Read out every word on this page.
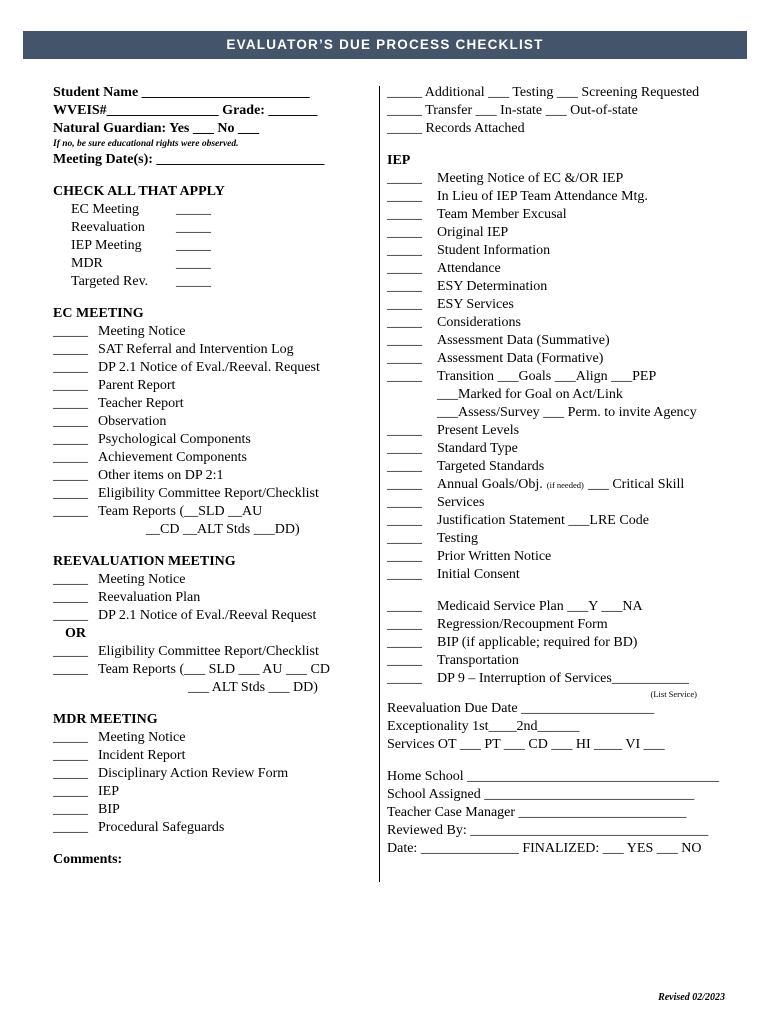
EVALUATOR’S DUE PROCESS CHECKLIST
Student Name ________________________
WVEIS#________________ Grade: _______
Natural Guardian: Yes ___ No ___
If no, be sure educational rights were observed.
Meeting Date(s): ________________________
CHECK ALL THAT APPLY
EC Meeting	_____
Reevaluation	_____
IEP Meeting	_____
MDR	_____
Targeted Rev.	_____
EC MEETING
_____ Meeting Notice
_____ SAT Referral and Intervention Log
_____ DP 2.1 Notice of Eval./Reeval. Request
_____ Parent Report
_____ Teacher Report
_____ Observation
_____ Psychological Components
_____ Achievement Components
_____ Other items on DP 2:1
_____ Eligibility Committee Report/Checklist
_____ Team Reports (__SLD __AU
__CD __ALT Stds ___DD)
REEVALUATION MEETING
_____ Meeting Notice
_____ Reevaluation Plan
_____ DP 2.1 Notice of Eval./Reeval Request
OR
_____ Eligibility Committee Report/Checklist
_____ Team Reports (___ SLD ___ AU ___ CD
___ ALT Stds ___ DD)
MDR MEETING
_____ Meeting Notice
_____ Incident Report
_____ Disciplinary Action Review Form
_____ IEP
_____ BIP
_____ Procedural Safeguards
Comments:
_____ Additional ___ Testing ___ Screening Requested
_____ Transfer ___ In-state ___ Out-of-state
_____ Records Attached
IEP
_____	Meeting Notice of EC &/OR IEP
_____	In Lieu of IEP Team Attendance Mtg.
_____	Team Member Excusal
_____	Original IEP
_____	Student Information
_____	Attendance
_____	ESY Determination
_____	ESY Services
_____	Considerations
_____	Assessment Data (Summative)
_____	Assessment Data (Formative)
_____	Transition ___Goals ___Align ___PEP
___Marked for Goal on Act/Link
___Assess/Survey ___ Perm. to invite Agency
_____	Present Levels
_____	Standard Type
_____	Targeted Standards
_____	Annual Goals/Obj. (if needed) ___ Critical Skill
_____	Services
_____	Justification Statement ___LRE Code
_____	Testing
_____	Prior Written Notice
_____	Initial Consent
_____	Medicaid Service Plan ___Y ___NA
_____	Regression/Recoupment Form
_____	BIP (if applicable; required for BD)
_____	Transportation
_____	DP 9 – Interruption of Services___________
(List Service)
Reevaluation Due Date ___________________
Exceptionality 1st____2nd______
Services OT ___ PT ___ CD ___ HI ____ VI ___
Home School ____________________________________
School Assigned ______________________________
Teacher Case Manager ________________________
Reviewed By: __________________________________
Date: ______________ FINALIZED: ___ YES ___ NO
Revised 02/2023
